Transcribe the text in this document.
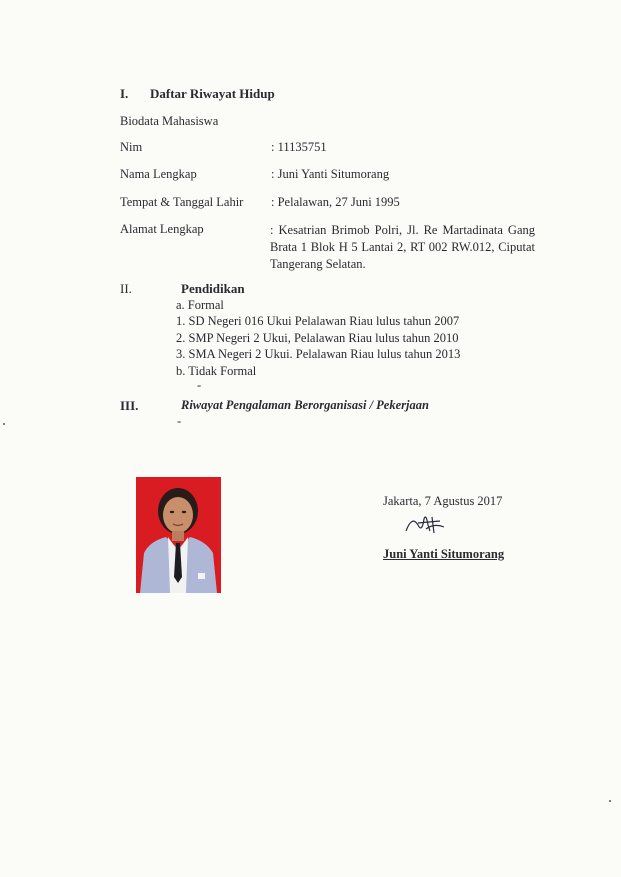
I. Daftar Riwayat Hidup
Biodata Mahasiswa
Nim	: 11135751
Nama Lengkap	: Juni Yanti Situmorang
Tempat & Tanggal Lahir : Pelalawan, 27 Juni 1995
Alamat Lengkap	: Kesatrian Brimob Polri, Jl. Re Martadinata Gang Brata 1 Blok H 5 Lantai 2, RT 002 RW.012, Ciputat Tangerang Selatan.
II.	Pendidikan
a. Formal
1. SD Negeri 016 Ukui Pelalawan Riau lulus tahun 2007
2. SMP Negeri 2 Ukui, Pelalawan Riau lulus tahun 2010
3. SMA Negeri 2 Ukui. Pelalawan Riau lulus tahun 2013
b. Tidak Formal
-
III.	Riwayat Pengalaman Berorganisasi / Pekerjaan
-
Jakarta, 7 Agustus 2017
Juni Yanti Situmorang
